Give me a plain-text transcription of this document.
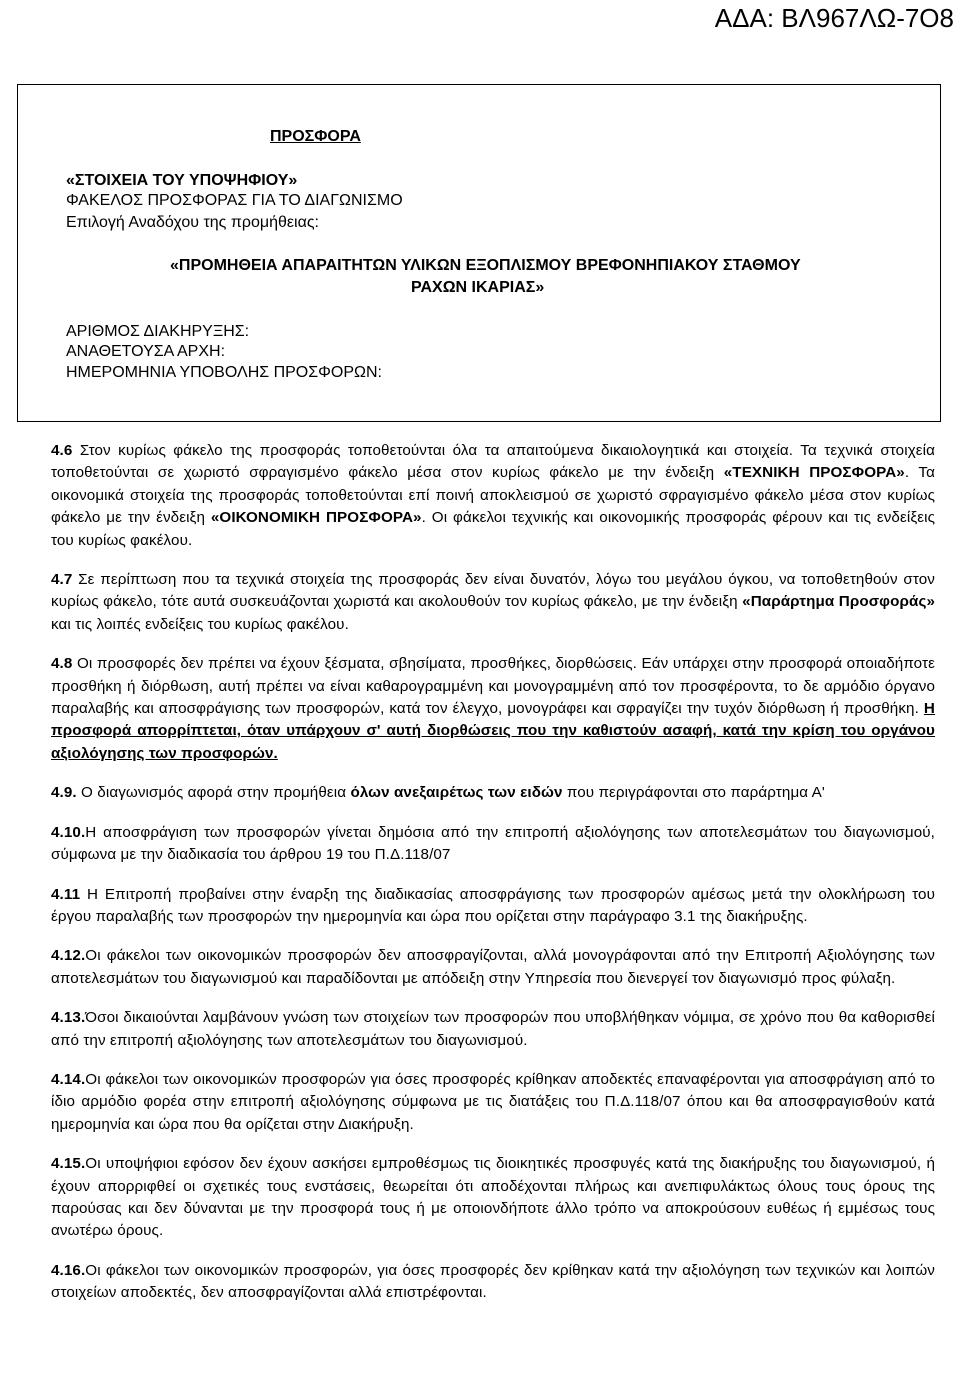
ΑΔΑ: ΒΛ967ΛΩ-7Ο8
ΠΡΟΣΦΟΡΑ
«ΣΤΟΙΧΕΙΑ ΤΟΥ ΥΠΟΨΗΦΙΟΥ»
ΦΑΚΕΛΟΣ ΠΡΟΣΦΟΡΑΣ ΓΙΑ ΤΟ ΔΙΑΓΩΝΙΣΜΟ
Επιλογή Αναδόχου της προμήθειας:
«ΠΡΟΜΗΘΕΙΑ ΑΠΑΡΑΙΤΗΤΩΝ ΥΛΙΚΩΝ ΕΞΟΠΛΙΣΜΟΥ ΒΡΕΦΟΝΗΠΙΑΚΟΥ ΣΤΑΘΜΟΥ
ΡΑΧΩΝ ΙΚΑΡΙΑΣ»
ΑΡΙΘΜΟΣ ΔΙΑΚΗΡΥΞΗΣ:
ΑΝΑΘΕΤΟΥΣΑ ΑΡΧΗ:
ΗΜΕΡΟΜΗΝΙΑ ΥΠΟΒΟΛΗΣ ΠΡΟΣΦΟΡΩΝ:

4.6 Στον κυρίως φάκελο της προσφοράς τοποθετούνται όλα τα απαιτούμενα δικαιολογητικά και στοιχεία. Τα τεχνικά στοιχεία τοποθετούνται σε χωριστό σφραγισμένο φάκελο μέσα στον κυρίως φάκελο με την ένδειξη «ΤΕΧΝΙΚΗ ΠΡΟΣΦΟΡΑ». Τα οικονομικά στοιχεία της προσφοράς τοποθετούνται επί ποινή αποκλεισμού σε χωριστό σφραγισμένο φάκελο μέσα στον κυρίως φάκελο με την ένδειξη «ΟΙΚΟΝΟΜΙΚΗ ΠΡΟΣΦΟΡΑ». Οι φάκελοι τεχνικής και οικονομικής προσφοράς φέρουν και τις ενδείξεις του κυρίως φακέλου.

4.7 Σε περίπτωση που τα τεχνικά στοιχεία της προσφοράς δεν είναι δυνατόν, λόγω του μεγάλου όγκου, να τοποθετηθούν στον κυρίως φάκελο, τότε αυτά συσκευάζονται χωριστά και ακολουθούν τον κυρίως φάκελο, με την ένδειξη «Παράρτημα Προσφοράς» και τις λοιπές ενδείξεις του κυρίως φακέλου.

4.8 Οι προσφορές δεν πρέπει να έχουν ξέσματα, σβησίματα, προσθήκες, διορθώσεις. Εάν υπάρχει στην προσφορά οποιαδήποτε προσθήκη ή διόρθωση, αυτή πρέπει να είναι καθαρογραμμένη και μονογραμμένη από τον προσφέροντα, το δε αρμόδιο όργανο παραλαβής και αποσφράγισης των προσφορών, κατά τον έλεγχο, μονογράφει και σφραγίζει την τυχόν διόρθωση ή προσθήκη. Η προσφορά απορρίπτεται, όταν υπάρχουν σ' αυτή διορθώσεις που την καθιστούν ασαφή, κατά την κρίση του οργάνου αξιολόγησης των προσφορών.

4.9. Ο διαγωνισμός αφορά στην προμήθεια όλων ανεξαιρέτως των ειδών που περιγράφονται στο παράρτημα Α'

4.10.Η αποσφράγιση των προσφορών γίνεται δημόσια από την επιτροπή αξιολόγησης των αποτελεσμάτων του διαγωνισμού, σύμφωνα με την διαδικασία του άρθρου 19 του Π.Δ.118/07

4.11 Η Επιτροπή προβαίνει στην έναρξη της διαδικασίας αποσφράγισης των προσφορών αμέσως μετά την ολοκλήρωση του έργου παραλαβής των προσφορών την ημερομηνία και ώρα που ορίζεται στην παράγραφο 3.1 της διακήρυξης.

4.12.Οι φάκελοι των οικονομικών προσφορών δεν αποσφραγίζονται, αλλά μονογράφονται από την Επιτροπή Αξιολόγησης των αποτελεσμάτων του διαγωνισμού και παραδίδονται με απόδειξη στην Υπηρεσία που διενεργεί τον διαγωνισμό προς φύλαξη.

4.13.Όσοι δικαιούνται λαμβάνουν γνώση των στοιχείων των προσφορών που υποβλήθηκαν νόμιμα, σε χρόνο που θα καθορισθεί από την επιτροπή αξιολόγησης των αποτελεσμάτων του διαγωνισμού.

4.14.Οι φάκελοι των οικονομικών προσφορών για όσες προσφορές κρίθηκαν αποδεκτές επαναφέρονται για αποσφράγιση από το ίδιο αρμόδιο φορέα στην επιτροπή αξιολόγησης σύμφωνα με τις διατάξεις του Π.Δ.118/07 όπου και θα αποσφραγισθούν κατά ημερομηνία και ώρα που θα ορίζεται στην Διακήρυξη.

4.15.Οι υποψήφιοι εφόσον δεν έχουν ασκήσει εμπροθέσμως τις διοικητικές προσφυγές κατά της διακήρυξης του διαγωνισμού, ή έχουν απορριφθεί οι σχετικές τους ενστάσεις, θεωρείται ότι αποδέχονται πλήρως και ανεπιφυλάκτως όλους τους όρους της παρούσας και δεν δύνανται με την προσφορά τους ή με οποιονδήποτε άλλο τρόπο να αποκρούσουν ευθέως ή εμμέσως τους ανωτέρω όρους.

4.16.Οι φάκελοι των οικονομικών προσφορών, για όσες προσφορές δεν κρίθηκαν κατά την αξιολόγηση των τεχνικών και λοιπών στοιχείων αποδεκτές, δεν αποσφραγίζονται αλλά επιστρέφονται.
